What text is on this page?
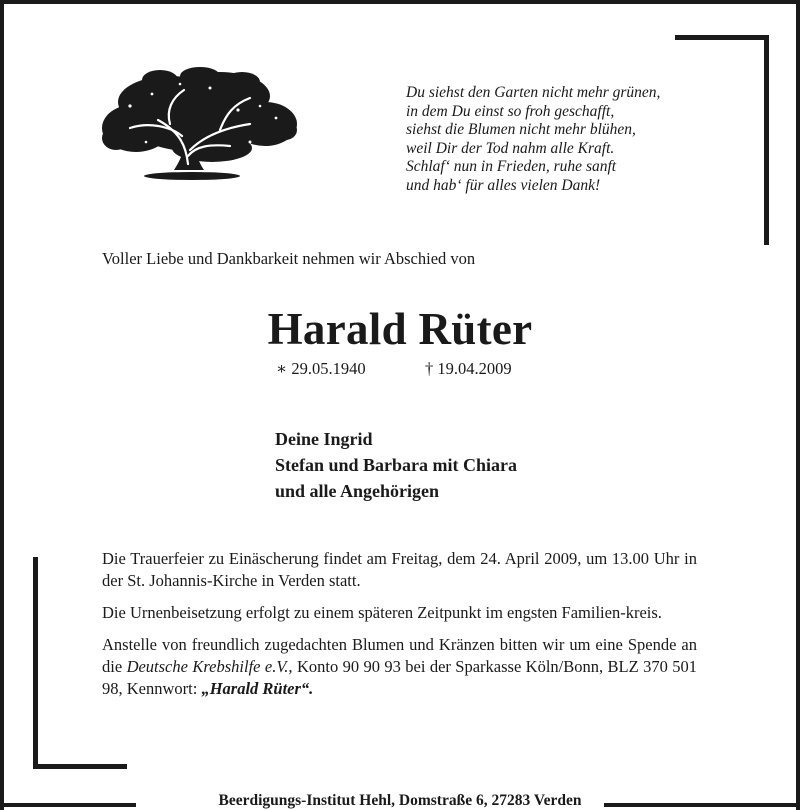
Du siehst den Garten nicht mehr grünen,
in dem Du einst so froh geschafft,
siehst die Blumen nicht mehr blühen,
weil Dir der Tod nahm alle Kraft.
Schlaf‘ nun in Frieden, ruhe sanft
und hab‘ für alles vielen Dank!
Voller Liebe und Dankbarkeit nehmen wir Abschied von
Harald Rüter
∗ 29.05.1940	† 19.04.2009
Deine Ingrid
Stefan und Barbara mit Chiara
und alle Angehörigen

Die Trauerfeier zu Einäscherung findet am Freitag, dem 24. April 2009, um 13.00 Uhr in der St. Johannis-Kirche in Verden statt.

Die Urnenbeisetzung erfolgt zu einem späteren Zeitpunkt im engsten Familien-kreis.

Anstelle von freundlich zugedachten Blumen und Kränzen bitten wir um eine Spende an die Deutsche Krebshilfe e.V., Konto 90 90 93 bei der Sparkasse Köln/Bonn, BLZ 370 501 98, Kennwort: „Harald Rüter“.

Beerdigungs-Institut Hehl, Domstraße 6, 27283 Verden
